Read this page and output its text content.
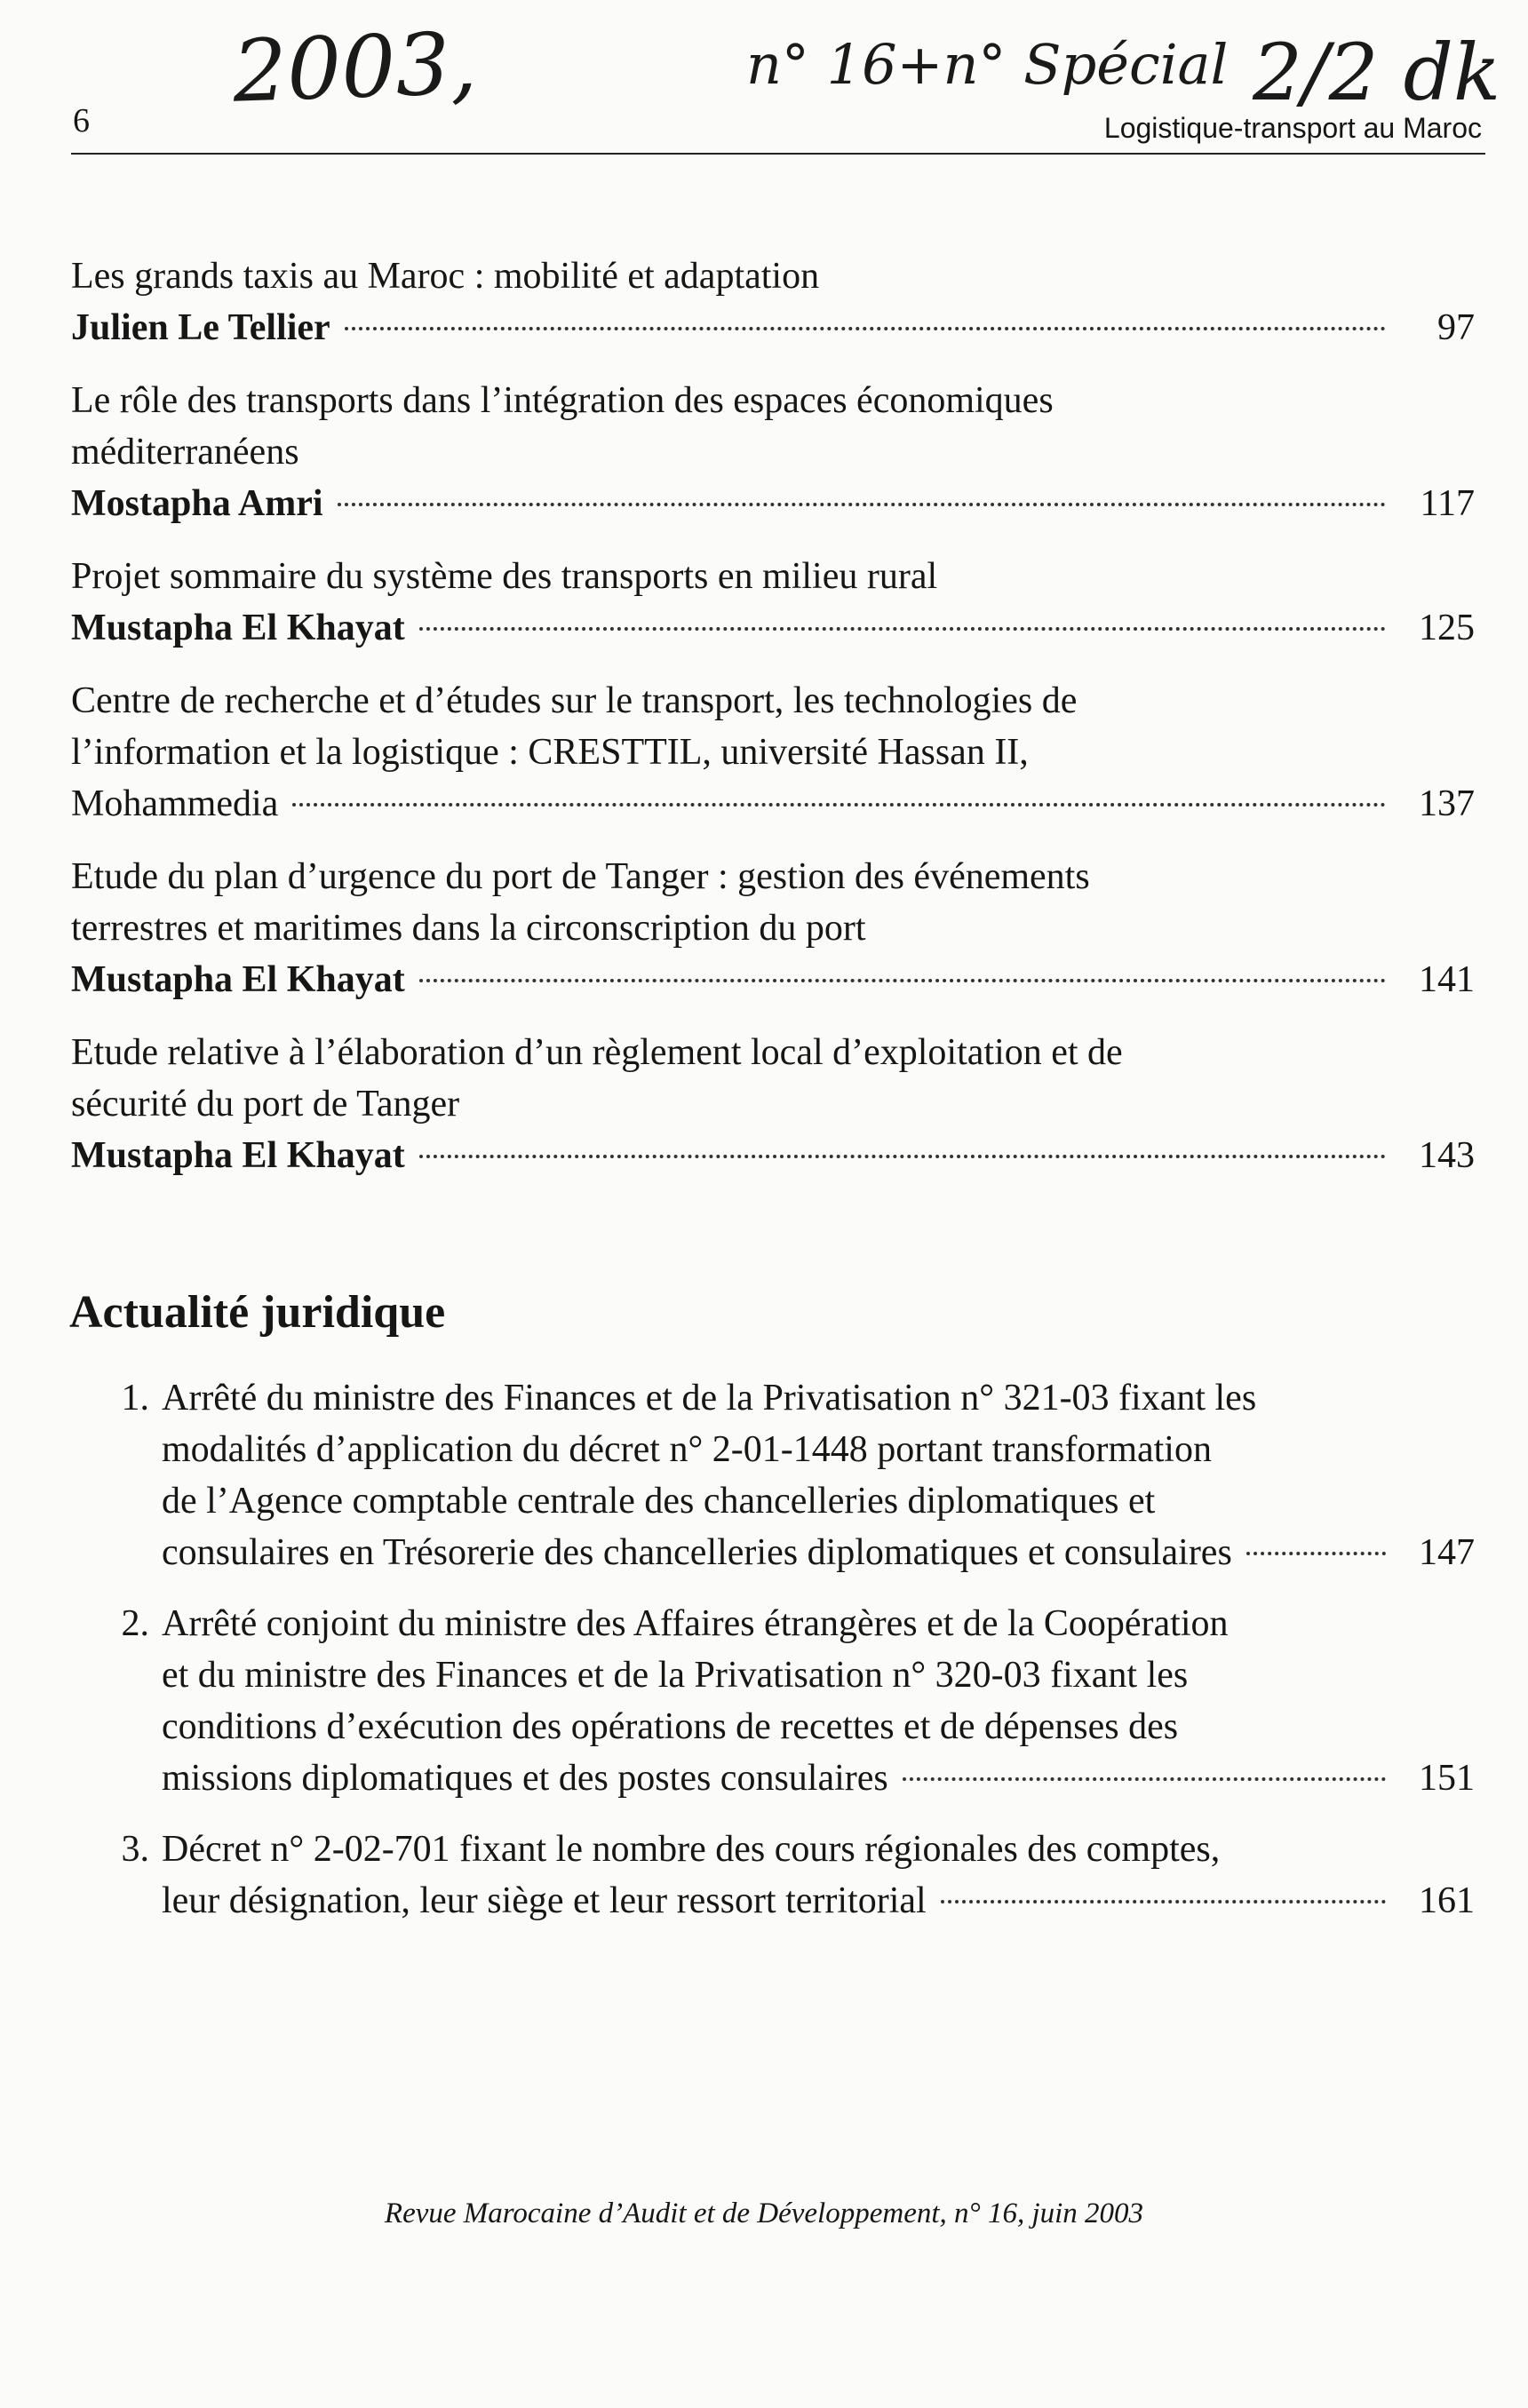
2003,	n° 16+n° Spécial 2/2 dk
6	Logistique-transport au Maroc
Les grands taxis au Maroc : mobilité et adaptation
Julien Le Tellier	97
Le rôle des transports dans l’intégration des espaces économiques
méditerranéens
Mostapha Amri	117
Projet sommaire du système des transports en milieu rural
Mustapha El Khayat	125
Centre de recherche et d’études sur le transport, les technologies de
l’information et la logistique : CRESTTIL, université Hassan II,
Mohammedia	137
Etude du plan d’urgence du port de Tanger : gestion des événements
terrestres et maritimes dans la circonscription du port
Mustapha El Khayat	141
Etude relative à l’élaboration d’un règlement local d’exploitation et de
sécurité du port de Tanger
Mustapha El Khayat	143
Actualité juridique
1. Arrêté du ministre des Finances et de la Privatisation n° 321-03 fixant les
modalités d’application du décret n° 2-01-1448 portant transformation
de l’Agence comptable centrale des chancelleries diplomatiques et
consulaires en Trésorerie des chancelleries diplomatiques et consulaires	147
2. Arrêté conjoint du ministre des Affaires étrangères et de la Coopération
et du ministre des Finances et de la Privatisation n° 320-03 fixant les
conditions d’exécution des opérations de recettes et de dépenses des
missions diplomatiques et des postes consulaires	151
3. Décret n° 2-02-701 fixant le nombre des cours régionales des comptes,
leur désignation, leur siège et leur ressort territorial	161
Revue Marocaine d’Audit et de Développement, n° 16, juin 2003
